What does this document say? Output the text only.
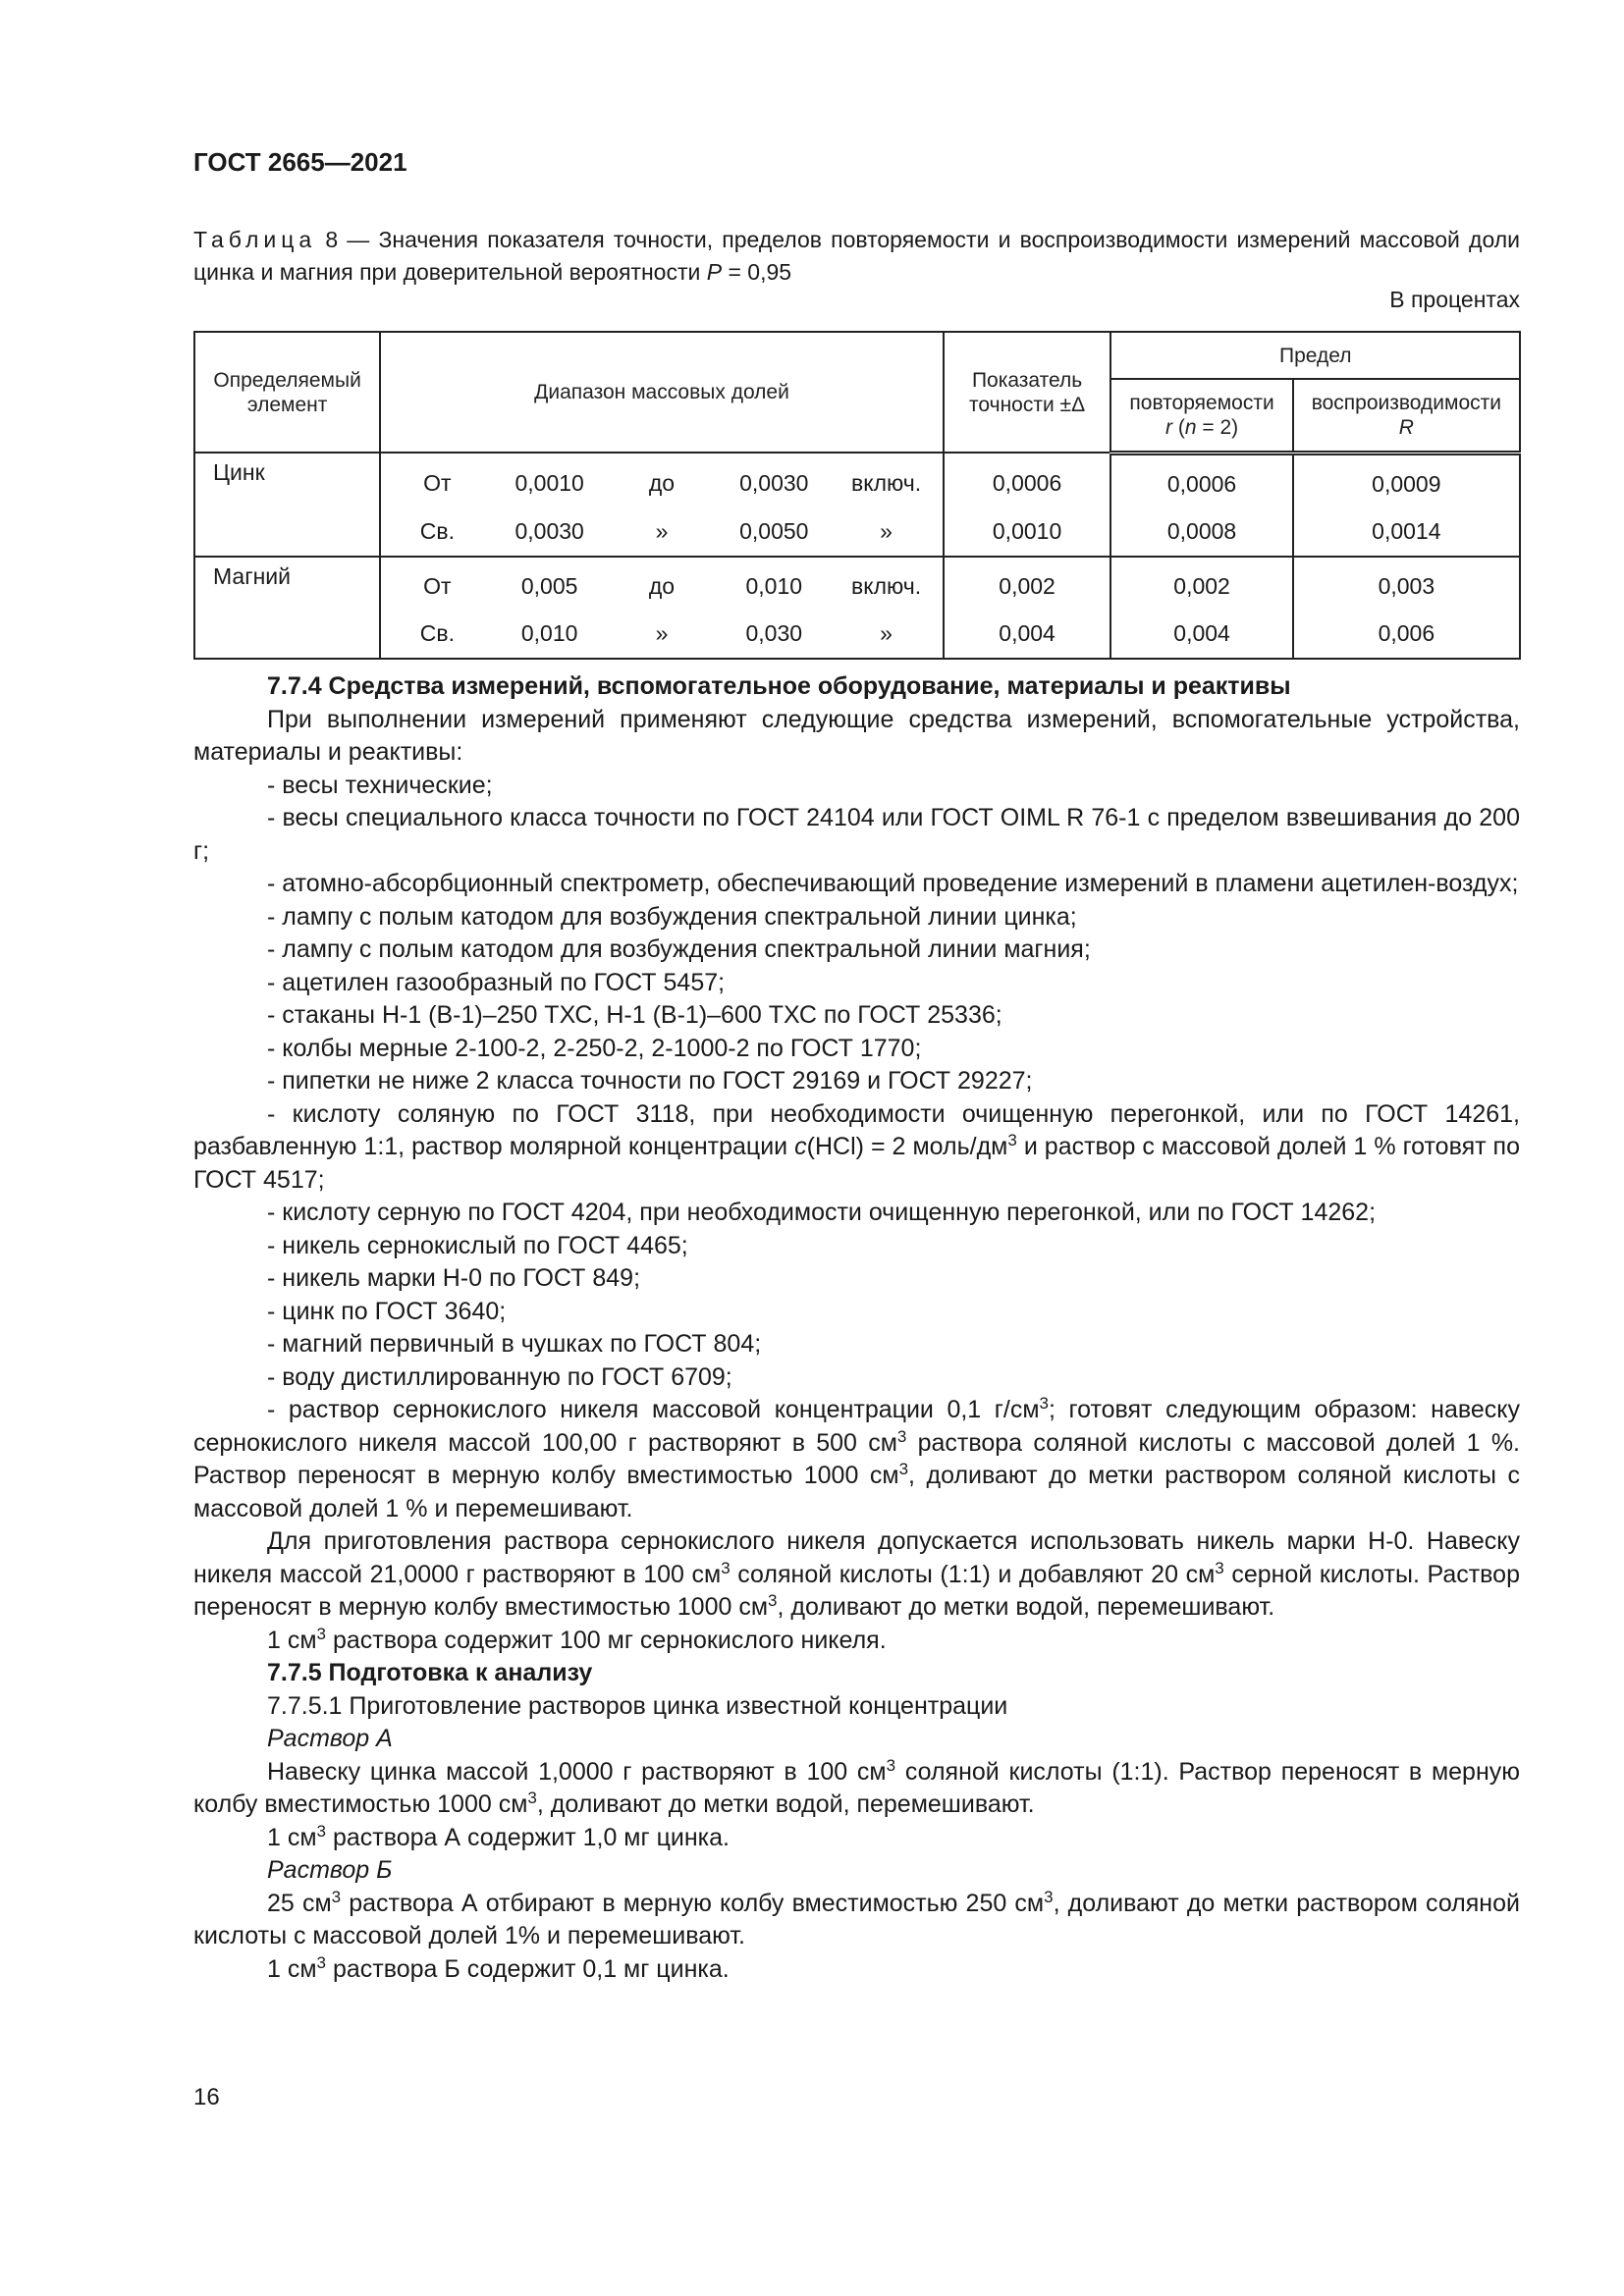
ГОСТ 2665—2021
Таблица 8 — Значения показателя точности, пределов повторяемости и воспроизводимости измерений массовой доли цинка и магния при доверительной вероятности P = 0,95
В процентах
Определяемый элемент	Диапазон массовых долей	Показатель точности ±Δ	Предел	
			повторяемости r (n = 2)	воспроизводимости R
Цинк	От 0,0010 до 0,0030 включ.	0,0006	0,0006	0,0009

	Св. 0,0030 » 0,0050 »	0,0010	0,0008	0,0014
Магний	От 0,005 до 0,010 включ.	0,002	0,002	0,003

	Св. 0,010 » 0,030 »	0,004	0,004	0,006

7.7.4 Средства измерений, вспомогательное оборудование, материалы и реактивы

При выполнении измерений применяют следующие средства измерений, вспомогательные устройства, материалы и реактивы:

- весы технические;

- весы специального класса точности по ГОСТ 24104 или ГОСТ OIML R 76-1 с пределом взвешивания до 200 г;

- атомно-абсорбционный спектрометр, обеспечивающий проведение измерений в пламени ацетилен-воздух;

- лампу с полым катодом для возбуждения спектральной линии цинка;

- лампу с полым катодом для возбуждения спектральной линии магния;

- ацетилен газообразный по ГОСТ 5457;

- стаканы Н-1 (В-1)–250 ТХС, Н-1 (В-1)–600 ТХС по ГОСТ 25336;

- колбы мерные 2-100-2, 2-250-2, 2-1000-2 по ГОСТ 1770;

- пипетки не ниже 2 класса точности по ГОСТ 29169 и ГОСТ 29227;

- кислоту соляную по ГОСТ 3118, при необходимости очищенную перегонкой, или по ГОСТ 14261, разбавленную 1:1, раствор молярной концентрации c(HCl) = 2 моль/$дм^3$ и раствор с массовой долей 1 % готовят по ГОСТ 4517;

- кислоту серную по ГОСТ 4204, при необходимости очищенную перегонкой, или по ГОСТ 14262;

- никель сернокислый по ГОСТ 4465;

- никель марки Н-0 по ГОСТ 849;

- цинк по ГОСТ 3640;

- магний первичный в чушках по ГОСТ 804;

- воду дистиллированную по ГОСТ 6709;

- раствор сернокислого никеля массовой концентрации 0,1 $г/см^3$; готовят следующим образом: навеску сернокислого никеля массой 100,00 г растворяют в 500 $см^3$ раствора соляной кислоты с массовой долей 1 %. Раствор переносят в мерную колбу вместимостью 1000 $см^3$, доливают до метки раствором соляной кислоты с массовой долей 1 % и перемешивают.

Для приготовления раствора сернокислого никеля допускается использовать никель марки Н-0. Навеску никеля массой 21,0000 г растворяют в 100 $см^3$ соляной кислоты (1:1) и добавляют 20 $см^3$ серной кислоты. Раствор переносят в мерную колбу вместимостью 1000 $см^3$, доливают до метки водой, перемешивают.

1 $см^3$ раствора содержит 100 мг сернокислого никеля.

7.7.5 Подготовка к анализу

7.7.5.1 Приготовление растворов цинка известной концентрации

Раствор А

Навеску цинка массой 1,0000 г растворяют в 100 $см^3$ соляной кислоты (1:1). Раствор переносят в мерную колбу вместимостью 1000 $см^3$, доливают до метки водой, перемешивают.

1 $см^3$ раствора А содержит 1,0 мг цинка.

Раствор Б

25 $см^3$ раствора А отбирают в мерную колбу вместимостью 250 $см^3$, доливают до метки раствором соляной кислоты с массовой долей 1% и перемешивают.

1 $см^3$ раствора Б содержит 0,1 мг цинка.

16
